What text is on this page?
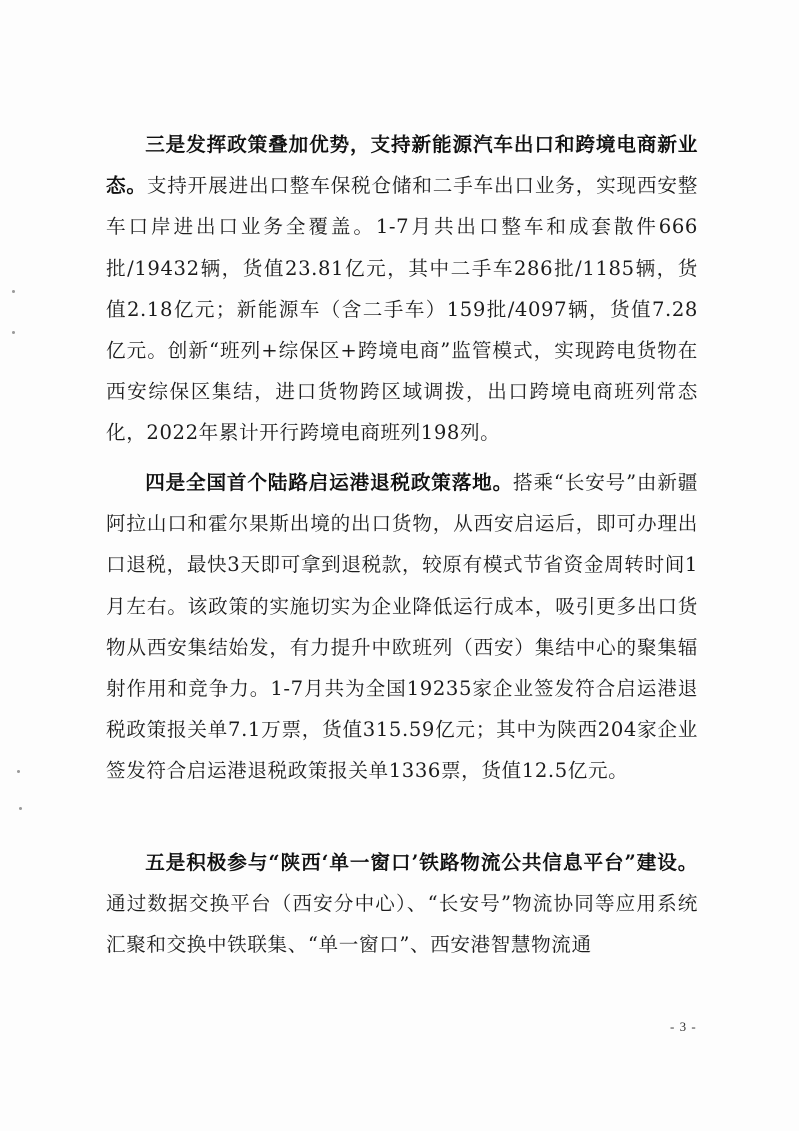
三是发挥政策叠加优势，支持新能源汽车出口和跨境电商新业态。支持开展进出口整车保税仓储和二手车出口业务，实现西安整车口岸进出口业务全覆盖。1-7月共出口整车和成套散件666批/19432辆，货值23.81亿元，其中二手车286批/1185辆，货值2.18亿元；新能源车（含二手车）159批/4097辆，货值7.28亿元。创新“班列+综保区+跨境电商”监管模式，实现跨电货物在西安综保区集结，进口货物跨区域调拨，出口跨境电商班列常态化，2022年累计开行跨境电商班列198列。

四是全国首个陆路启运港退税政策落地。搭乘“长安号”由新疆阿拉山口和霍尔果斯出境的出口货物，从西安启运后，即可办理出口退税，最快3天即可拿到退税款，较原有模式节省资金周转时间1月左右。该政策的实施切实为企业降低运行成本，吸引更多出口货物从西安集结始发，有力提升中欧班列（西安）集结中心的聚集辐射作用和竞争力。1-7月共为全国19235家企业签发符合启运港退税政策报关单7.1万票，货值315.59亿元；其中为陕西204家企业签发符合启运港退税政策报关单1336票，货值12.5亿元。

五是积极参与“陕西‘单一窗口’铁路物流公共信息平台”建设。通过数据交换平台（西安分中心）、“长安号”物流协同等应用系统汇聚和交换中铁联集、“单一窗口”、西安港智慧物流通

- 3 -
